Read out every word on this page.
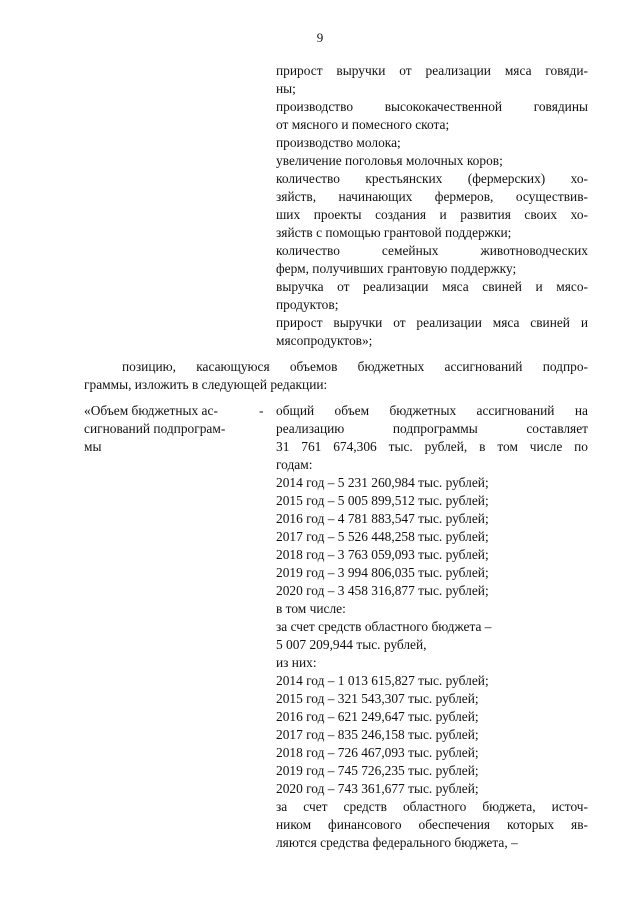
9
прирост выручки от реализации мяса говяди-
ны;
производство высококачественной говядины
от мясного и помесного скота;
производство молока;
увеличение поголовья молочных коров;
количество крестьянских (фермерских) хо-
зяйств, начинающих фермеров, осуществив-
ших проекты создания и развития своих хо-
зяйств с помощью грантовой поддержки;
количество семейных животноводческих
ферм, получивших грантовую поддержку;
выручка от реализации мяса свиней и мясо-
продуктов;
прирост выручки от реализации мяса свиней и
мясопродуктов»;
позицию, касающуюся объемов бюджетных ассигнований подпро-
граммы, изложить в следующей редакции:
«Объем бюджетных ас-
сигнований подпрограм-
мы
- общий объем бюджетных ассигнований на
реализацию подпрограммы составляет
31 761 674,306 тыс. рублей, в том числе по
годам:
2014 год – 5 231 260,984 тыс. рублей;
2015 год – 5 005 899,512 тыс. рублей;
2016 год – 4 781 883,547 тыс. рублей;
2017 год – 5 526 448,258 тыс. рублей;
2018 год – 3 763 059,093 тыс. рублей;
2019 год – 3 994 806,035 тыс. рублей;
2020 год – 3 458 316,877 тыс. рублей;
в том числе:
за счет средств областного бюджета –
5 007 209,944 тыс. рублей,
из них:
2014 год – 1 013 615,827 тыс. рублей;
2015 год – 321 543,307 тыс. рублей;
2016 год – 621 249,647 тыс. рублей;
2017 год – 835 246,158 тыс. рублей;
2018 год – 726 467,093 тыс. рублей;
2019 год – 745 726,235 тыс. рублей;
2020 год – 743 361,677 тыс. рублей;
за счет средств областного бюджета, источ-
ником финансового обеспечения которых яв-
ляются средства федерального бюджета, –
